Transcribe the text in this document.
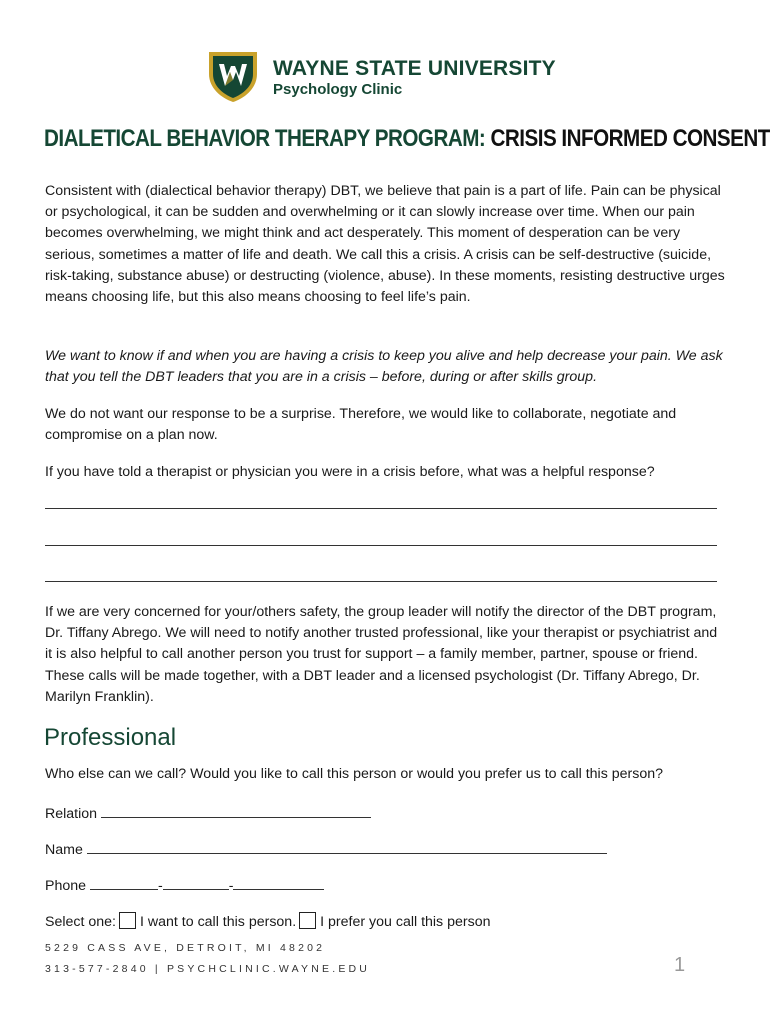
WAYNE STATE UNIVERSITY
Psychology Clinic
DIALETICAL BEHAVIOR THERAPY PROGRAM: CRISIS INFORMED CONSENT
Consistent with (dialectical behavior therapy) DBT, we believe that pain is a part of life. Pain can be physical or psychological, it can be sudden and overwhelming or it can slowly increase over time. When our pain becomes overwhelming, we might think and act desperately. This moment of desperation can be very serious, sometimes a matter of life and death. We call this a crisis. A crisis can be self-destructive (suicide, risk-taking, substance abuse) or destructing (violence, abuse). In these moments, resisting destructive urges means choosing life, but this also means choosing to feel life’s pain.
We want to know if and when you are having a crisis to keep you alive and help decrease your pain. We ask that you tell the DBT leaders that you are in a crisis – before, during or after skills group.
We do not want our response to be a surprise. Therefore, we would like to collaborate, negotiate and compromise on a plan now.
If you have told a therapist or physician you were in a crisis before, what was a helpful response?
If we are very concerned for your/others safety, the group leader will notify the director of the DBT program, Dr. Tiffany Abrego. We will need to notify another trusted professional, like your therapist or psychiatrist and it is also helpful to call another person you trust for support – a family member, partner, spouse or friend. These calls will be made together, with a DBT leader and a licensed psychologist (Dr. Tiffany Abrego, Dr. Marilyn Franklin).
Professional
Who else can we call? Would you like to call this person or would you prefer us to call this person?
Relation
Name
Phone	-	-
Select one: I want to call this person. I prefer you call this person
5229 CASS AVE, DETROIT, MI 48202
313-577-2840 | PSYCHCLINIC.WAYNE.EDU	1
